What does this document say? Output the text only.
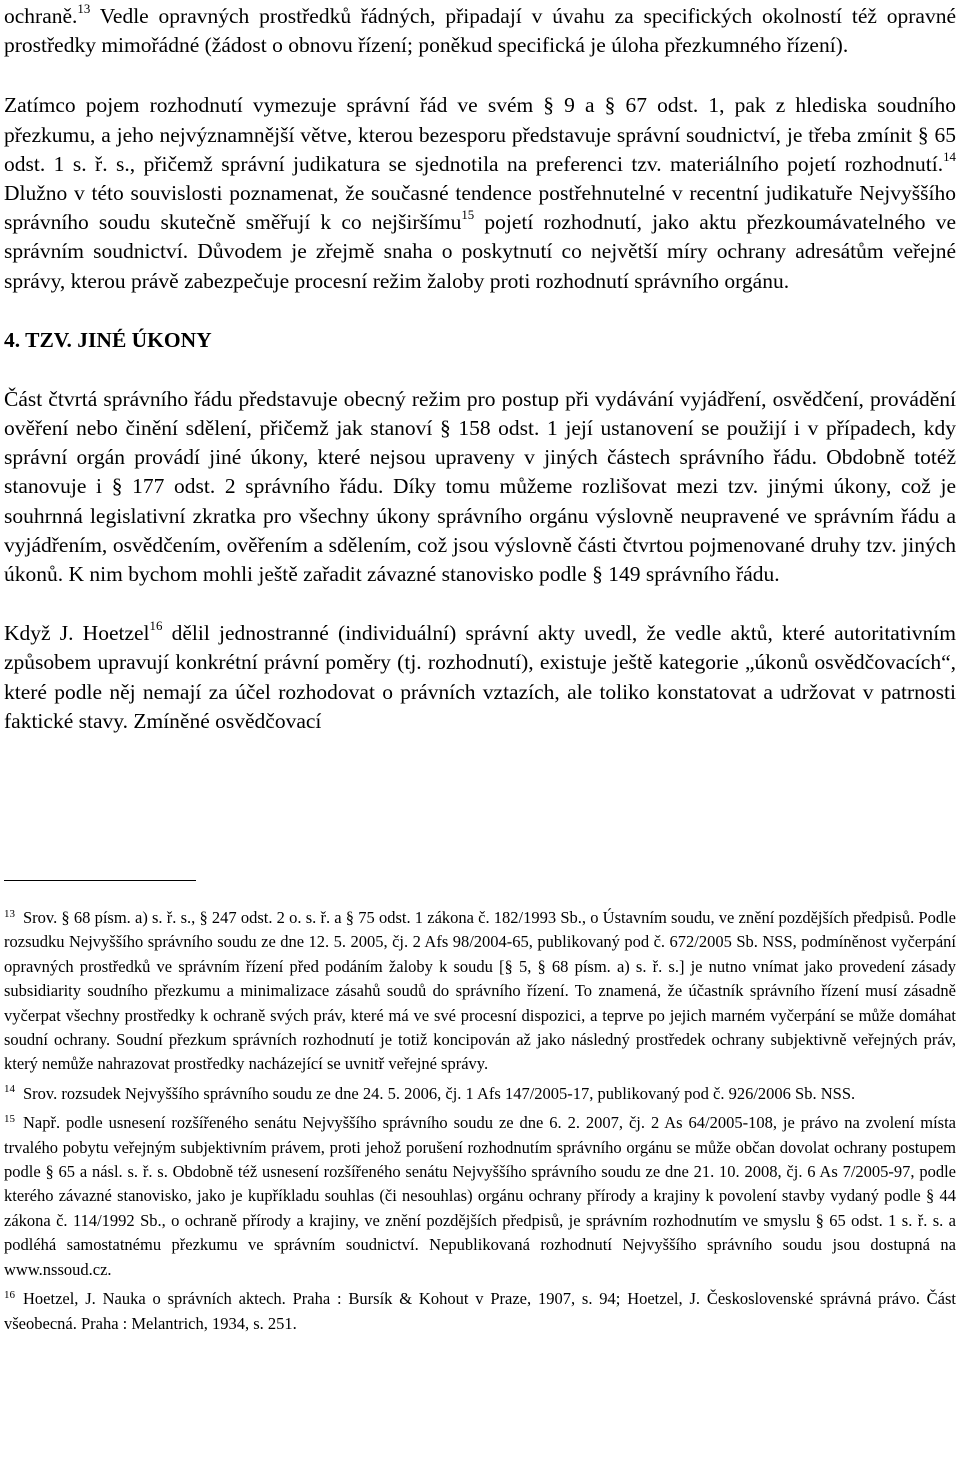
ochraně.$^{13}$ Vedle opravných prostředků řádných, připadají v úvahu za specifických okolností též opravné prostředky mimořádné (žádost o obnovu řízení; poněkud specifická je úloha přezkumného řízení).

Zatímco pojem rozhodnutí vymezuje správní řád ve svém § 9 a § 67 odst. 1, pak z hlediska soudního přezkumu, a jeho nejvýznamnější větve, kterou bezesporu představuje správní soudnictví, je třeba zmínit § 65 odst. 1 s. ř. s., přičemž správní judikatura se sjednotila na preferenci tzv. materiálního pojetí rozhodnutí.$^{14}$ Dlužno v této souvislosti poznamenat, že současné tendence postřehnutelné v recentní judikatuře Nejvyššího správního soudu skutečně směřují k co nejširšímu$^{15}$ pojetí rozhodnutí, jako aktu přezkoumávatelného ve správním soudnictví. Důvodem je zřejmě snaha o poskytnutí co největší míry ochrany adresátům veřejné správy, kterou právě zabezpečuje procesní režim žaloby proti rozhodnutí správního orgánu.

4. TZV. JINÉ ÚKONY

Část čtvrtá správního řádu představuje obecný režim pro postup při vydávání vyjádření, osvědčení, provádění ověření nebo činění sdělení, přičemž jak stanoví § 158 odst. 1 její ustanovení se použijí i v případech, kdy správní orgán provádí jiné úkony, které nejsou upraveny v jiných částech správního řádu. Obdobně totéž stanovuje i § 177 odst. 2 správního řádu. Díky tomu můžeme rozlišovat mezi tzv. jinými úkony, což je souhrnná legislativní zkratka pro všechny úkony správního orgánu výslovně neupravené ve správním řádu a vyjádřením, osvědčením, ověřením a sdělením, což jsou výslovně části čtvrtou pojmenované druhy tzv. jiných úkonů. K nim bychom mohli ještě zařadit závazné stanovisko podle § 149 správního řádu.

Když J. Hoetzel$^{16}$ dělil jednostranné (individuální) správní akty uvedl, že vedle aktů, které autoritativním způsobem upravují konkrétní právní poměry (tj. rozhodnutí), existuje ještě kategorie „úkonů osvědčovacích“, které podle něj nemají za účel rozhodovat o právních vztazích, ale toliko konstatovat a udržovat v patrnosti faktické stavy. Zmíněné osvědčovací

$^{13}$ Srov. § 68 písm. a) s. ř. s., § 247 odst. 2 o. s. ř. a § 75 odst. 1 zákona č. 182/1993 Sb., o Ústavním soudu, ve znění pozdějších předpisů. Podle rozsudku Nejvyššího správního soudu ze dne 12. 5. 2005, čj. 2 Afs 98/2004-65, publikovaný pod č. 672/2005 Sb. NSS, podmíněnost vyčerpání opravných prostředků ve správním řízení před podáním žaloby k soudu [§ 5, § 68 písm. a) s. ř. s.] je nutno vnímat jako provedení zásady subsidiarity soudního přezkumu a minimalizace zásahů soudů do správního řízení. To znamená, že účastník správního řízení musí zásadně vyčerpat všechny prostředky k ochraně svých práv, které má ve své procesní dispozici, a teprve po jejich marném vyčerpání se může domáhat soudní ochrany. Soudní přezkum správních rozhodnutí je totiž koncipován až jako následný prostředek ochrany subjektivně veřejných práv, který nemůže nahrazovat prostředky nacházející se uvnitř veřejné správy.

$^{14}$ Srov. rozsudek Nejvyššího správního soudu ze dne 24. 5. 2006, čj. 1 Afs 147/2005-17, publikovaný pod č. 926/2006 Sb. NSS.

$^{15}$ Např. podle usnesení rozšířeného senátu Nejvyššího správního soudu ze dne 6. 2. 2007, čj. 2 As 64/2005-108, je právo na zvolení místa trvalého pobytu veřejným subjektivním právem, proti jehož porušení rozhodnutím správního orgánu se může občan dovolat ochrany postupem podle § 65 a násl. s. ř. s. Obdobně též usnesení rozšířeného senátu Nejvyššího správního soudu ze dne 21. 10. 2008, čj. 6 As 7/2005-97, podle kterého závazné stanovisko, jako je kupříkladu souhlas (či nesouhlas) orgánu ochrany přírody a krajiny k povolení stavby vydaný podle § 44 zákona č. 114/1992 Sb., o ochraně přírody a krajiny, ve znění pozdějších předpisů, je správním rozhodnutím ve smyslu § 65 odst. 1 s. ř. s. a podléhá samostatnému přezkumu ve správním soudnictví. Nepublikovaná rozhodnutí Nejvyššího správního soudu jsou dostupná na www.nssoud.cz.

$^{16}$ Hoetzel, J. Nauka o správních aktech. Praha : Bursík & Kohout v Praze, 1907, s. 94; Hoetzel, J. Československé správná právo. Část všeobecná. Praha : Melantrich, 1934, s. 251.
